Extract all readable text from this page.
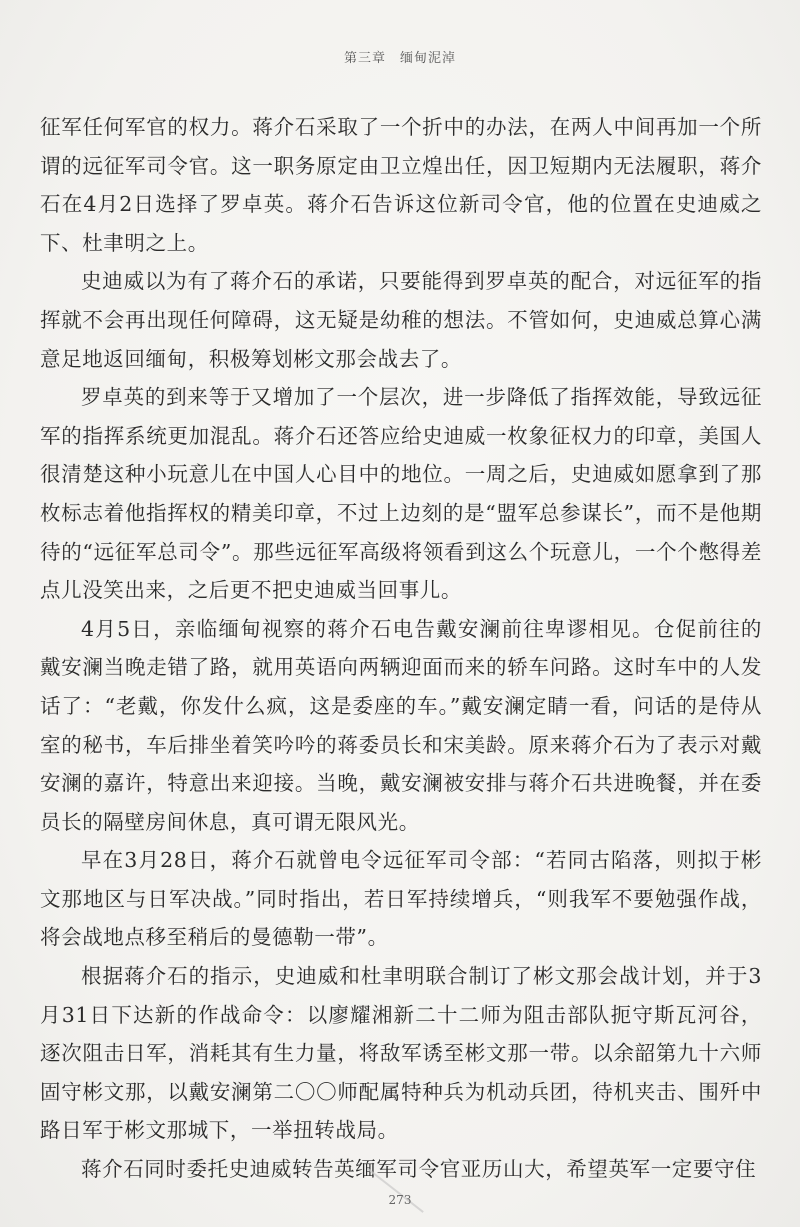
第三章 缅甸泥淖

征军任何军官的权力。蒋介石采取了一个折中的办法，在两人中间再加一个所谓的远征军司令官。这一职务原定由卫立煌出任，因卫短期内无法履职，蒋介石在4月2日选择了罗卓英。蒋介石告诉这位新司令官，他的位置在史迪威之下、杜聿明之上。

史迪威以为有了蒋介石的承诺，只要能得到罗卓英的配合，对远征军的指挥就不会再出现任何障碍，这无疑是幼稚的想法。不管如何，史迪威总算心满意足地返回缅甸，积极筹划彬文那会战去了。

罗卓英的到来等于又增加了一个层次，进一步降低了指挥效能，导致远征军的指挥系统更加混乱。蒋介石还答应给史迪威一枚象征权力的印章，美国人很清楚这种小玩意儿在中国人心目中的地位。一周之后，史迪威如愿拿到了那枚标志着他指挥权的精美印章，不过上边刻的是“盟军总参谋长”，而不是他期待的“远征军总司令”。那些远征军高级将领看到这么个玩意儿，一个个憋得差点儿没笑出来，之后更不把史迪威当回事儿。

4月5日，亲临缅甸视察的蒋介石电告戴安澜前往卑谬相见。仓促前往的戴安澜当晚走错了路，就用英语向两辆迎面而来的轿车问路。这时车中的人发话了：“老戴，你发什么疯，这是委座的车。”戴安澜定睛一看，问话的是侍从室的秘书，车后排坐着笑吟吟的蒋委员长和宋美龄。原来蒋介石为了表示对戴安澜的嘉许，特意出来迎接。当晚，戴安澜被安排与蒋介石共进晚餐，并在委员长的隔壁房间休息，真可谓无限风光。

早在3月28日，蒋介石就曾电令远征军司令部：“若同古陷落，则拟于彬文那地区与日军决战。”同时指出，若日军持续增兵，“则我军不要勉强作战，将会战地点移至稍后的曼德勒一带”。

根据蒋介石的指示，史迪威和杜聿明联合制订了彬文那会战计划，并于3月31日下达新的作战命令：以廖耀湘新二十二师为阻击部队扼守斯瓦河谷，逐次阻击日军，消耗其有生力量，将敌军诱至彬文那一带。以余韶第九十六师固守彬文那，以戴安澜第二〇〇师配属特种兵为机动兵团，待机夹击、围歼中路日军于彬文那城下，一举扭转战局。

蒋介石同时委托史迪威转告英缅军司令官亚历山大，希望英军一定要守住

273
